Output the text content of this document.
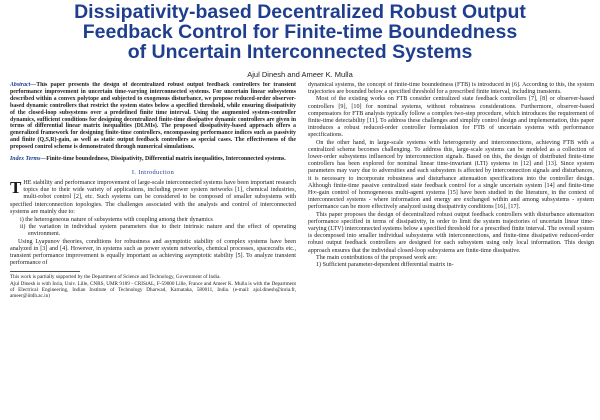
Dissipativity-based Decentralized Robust Output
Feedback Control for Finite-time Boundedness
of Uncertain Interconnected Systems
Ajul Dinesh and Ameer K. Mulla

Abstract—This paper presents the design of decentralized robust output feedback controllers for transient performance improvement in uncertain time-varying interconnected systems. For uncertain linear subsystems described within a convex polytope and subjected to exogenous disturbance, we propose reduced-order observer-based dynamic controllers that restrict the system states below a specified threshold, while ensuring dissipativity of the closed-loop subsystems over a predefined finite time interval. Using the augmented system-controller dynamics, sufficient conditions for designing decentralized finite-time dissipative dynamic controllers are given in terms of differential linear matrix inequalities (DLMIs). The proposed dissipativity-based approach offers a generalized framework for designing finite-time controllers, encompassing performance indices such as passivity and finite (Q,S,R)-gain, as well as static output feedback controllers as special cases. The effectiveness of the proposed control scheme is demonstrated through numerical simulations.

Index Terms—Finite-time boundedness, Dissipativity, Differential matrix inequalities, Interconnected systems.

I. Introduction

THE stability and performance improvement of large-scale interconnected systems have been important research topics due to their wide variety of applications, including power system networks [1], chemical industries, multi-robot control [2], etc. Such systems can be considered to be composed of smaller subsystems with specified interconnection topologies. The challenges associated with the analysis and control of interconnected systems are mainly due to:

i) the heterogeneous nature of subsystems with coupling among their dynamics
ii) the variation in individual system parameters due to their intrinsic nature and the effect of operating environment.

Using Lyapunov theories, conditions for robustness and asymptotic stability of complex systems have been analyzed in [3] and [4]. However, in systems such as power system networks, chemical processes, spacecrafts etc., transient performance improvement is equally important as achieving asymptotic stability [5]. To analyze transient performance of

This work is partially supported by the Department of Science and Technology, Government of India.

Ajul Dinesh is with Inria, Univ. Lille, CNRS, UMR 9189 - CRIStAL, F-59000 Lille, France and Ameer K. Mulla is with the Department of Electrical Engineering, Indian Institute of Technology Dharwad, Karnataka, 580011, India. (e-mail: ajul.dinesh@inria.fr, ameer@iitdh.ac.in)

dynamical systems, the concept of finite-time boundedness (FTB) is introduced in [6]. According to this, the system trajectories are bounded below a specified threshold for a prescribed finite interval, including transients.

Most of the existing works on FTB consider centralized state feedback controllers [7], [8] or observer-based controllers [9], [10] for nominal systems, without robustness considerations. Furthermore, observer-based compensators for FTB analysis typically follow a complex two-step procedure, which introduces the requirement of finite-time detectability [11]. To address these challenges and simplify control design and implementation, this paper introduces a robust reduced-order controller formulation for FTB of uncertain systems with performance specifications.

On the other hand, in large-scale systems with heterogeneity and interconnections, achieving FTB with a centralized scheme becomes challenging. To address this, large-scale systems can be modeled as a collection of lower-order subsystems influenced by interconnection signals. Based on this, the design of distributed finite-time controllers has been explored for nominal linear time-invariant (LTI) systems in [12] and [13]. Since system parameters may vary due to adversities and each subsystem is affected by interconnection signals and disturbances, it is necessary to incorporate robustness and disturbance attenuation specifications into the controller design. Although finite-time passive centralized state feedback control for a single uncertain system [14] and finite-time H∞-gain control of homogeneous multi-agent systems [15] have been studied in the literature, in the context of interconnected systems - where information and energy are exchanged within and among subsystems - system performance can be more effectively analyzed using dissipativity conditions [16], [17].

This paper proposes the design of decentralized robust output feedback controllers with disturbance attenuation performance specified in terms of dissipativity, in order to limit the system trajectories of uncertain linear time-varying (LTV) interconnected systems below a specified threshold for a prescribed finite interval. The overall system is decomposed into smaller individual subsystems with interconnections, and finite-time dissipative reduced-order robust output feedback controllers are designed for each subsystem using only local information. This design approach ensures that the individual closed-loop subsystems are finite-time dissipative.

The main contributions of the proposed work are:

1) Sufficient parameter-dependent differential matrix in-
